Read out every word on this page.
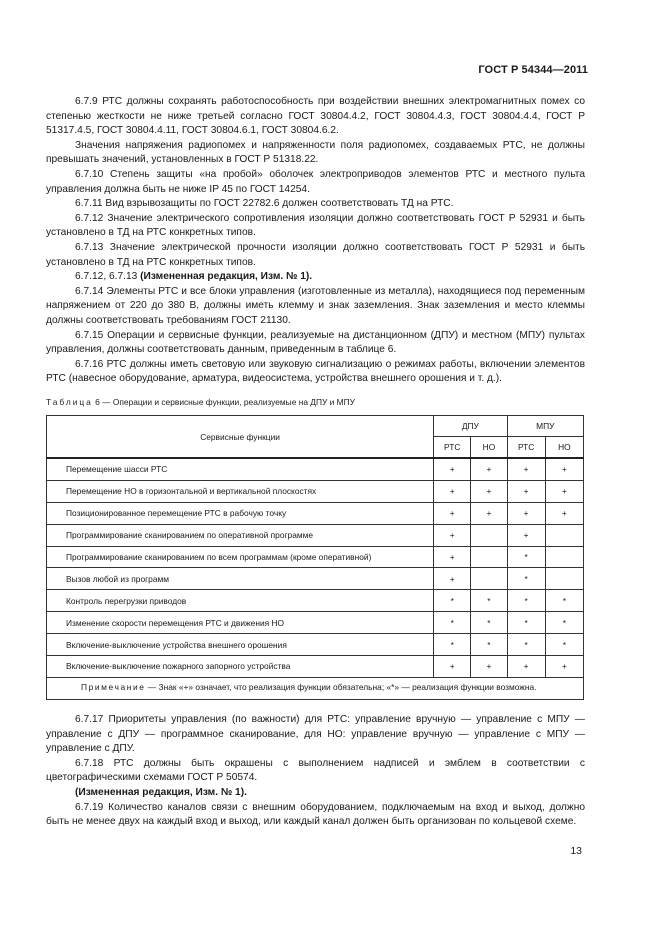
ГОСТ Р 54344—2011

6.7.9 РТС должны сохранять работоспособность при воздействии внешних электромагнитных помех со степенью жесткости не ниже третьей согласно ГОСТ 30804.4.2, ГОСТ 30804.4.3, ГОСТ 30804.4.4, ГОСТ Р 51317.4.5, ГОСТ 30804.4.11, ГОСТ 30804.6.1, ГОСТ 30804.6.2.

Значения напряжения радиопомех и напряженности поля радиопомех, создаваемых РТС, не должны превышать значений, установленных в ГОСТ Р 51318.22.

6.7.10 Степень защиты «на пробой» оболочек электроприводов элементов РТС и местного пульта управления должна быть не ниже IP 45 по ГОСТ 14254.

6.7.11 Вид взрывозащиты по ГОСТ 22782.6 должен соответствовать ТД на РТС.

6.7.12 Значение электрического сопротивления изоляции должно соответствовать ГОСТ Р 52931 и быть установлено в ТД на РТС конкретных типов.

6.7.13 Значение электрической прочности изоляции должно соответствовать ГОСТ Р 52931 и быть установлено в ТД на РТС конкретных типов.

6.7.12, 6.7.13 (Измененная редакция, Изм. № 1).

6.7.14 Элементы РТС и все блоки управления (изготовленные из металла), находящиеся под переменным напряжением от 220 до 380 В, должны иметь клемму и знак заземления. Знак заземления и место клеммы должны соответствовать требованиям ГОСТ 21130.

6.7.15 Операции и сервисные функции, реализуемые на дистанционном (ДПУ) и местном (МПУ) пультах управления, должны соответствовать данным, приведенным в таблице 6.

6.7.16 РТС должны иметь световую или звуковую сигнализацию о режимах работы, включении элементов РТС (навесное оборудование, арматура, видеосистема, устройства внешнего орошения и т. д.).

Таблица 6 — Операции и сервисные функции, реализуемые на ДПУ и МПУ
Сервисные функции	ДПУ		МПУ	
	РТС	НО	РТС	НО
Перемещение шасси РТС	+	+	+	+
Перемещение НО в горизонтальной и вертикальной плоскостях	+	+	+	+
Позиционированное перемещение РТС в рабочую точку	+	+	+	+
Программирование сканированием по оперативной программе	+		+	
Программирование сканированием по всем программам (кроме оперативной)	+		*	
Вызов любой из программ	+		*	
Контроль перегрузки приводов	*	*	*	*
Изменение скорости перемещения РТС и движения НО	*	*	*	*
Включение-выключение устройства внешнего орошения	*	*	*	*
Включение-выключение пожарного запорного устройства	+	+	+	+
Примечание — Знак «+» означает, что реализация функции обязательна; «*» — реализация функции возможна.				

6.7.17 Приоритеты управления (по важности) для РТС: управление вручную — управление с МПУ — управление с ДПУ — программное сканирование, для НО: управление вручную — управление с МПУ — управление с ДПУ.

6.7.18 РТС должны быть окрашены с выполнением надписей и эмблем в соответствии с цветографическими схемами ГОСТ Р 50574.

(Измененная редакция, Изм. № 1).

6.7.19 Количество каналов связи с внешним оборудованием, подключаемым на вход и выход, должно быть не менее двух на каждый вход и выход, или каждый канал должен быть организован по кольцевой схеме.

13
